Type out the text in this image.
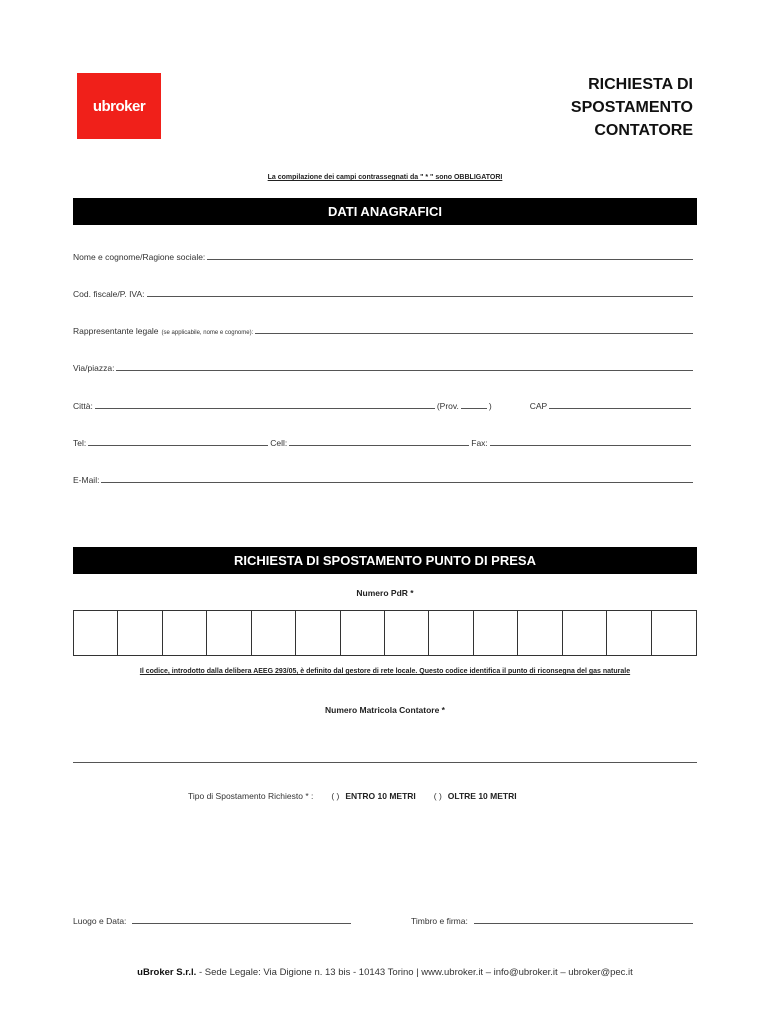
ubroker
RICHIESTA DI
SPOSTAMENTO
CONTATORE
La compilazione dei campi contrassegnati da " * " sono OBBLIGATORI
DATI ANAGRAFICI
Nome e cognome/Ragione sociale:
Cod. fiscale/P. IVA:
Rappresentante legale (se applicabile, nome e cognome):
Via/piazza:
Città:	(Prov.	)	CAP
Tel:	Cell:	Fax:
E-Mail:
RICHIESTA DI SPOSTAMENTO PUNTO DI PRESA
Numero PdR *
Il codice, introdotto dalla delibera AEEG 293/05, è definito dal gestore di rete locale. Questo codice identifica il punto di riconsegna del gas naturale
Numero Matricola Contatore *
Tipo di Spostamento Richiesto * : ( ) ENTRO 10 METRI ( ) OLTRE 10 METRI
Luogo e Data:	Timbro e firma:
uBroker S.r.l. - Sede Legale: Via Digione n. 13 bis - 10143 Torino | www.ubroker.it – info@ubroker.it – ubroker@pec.it
